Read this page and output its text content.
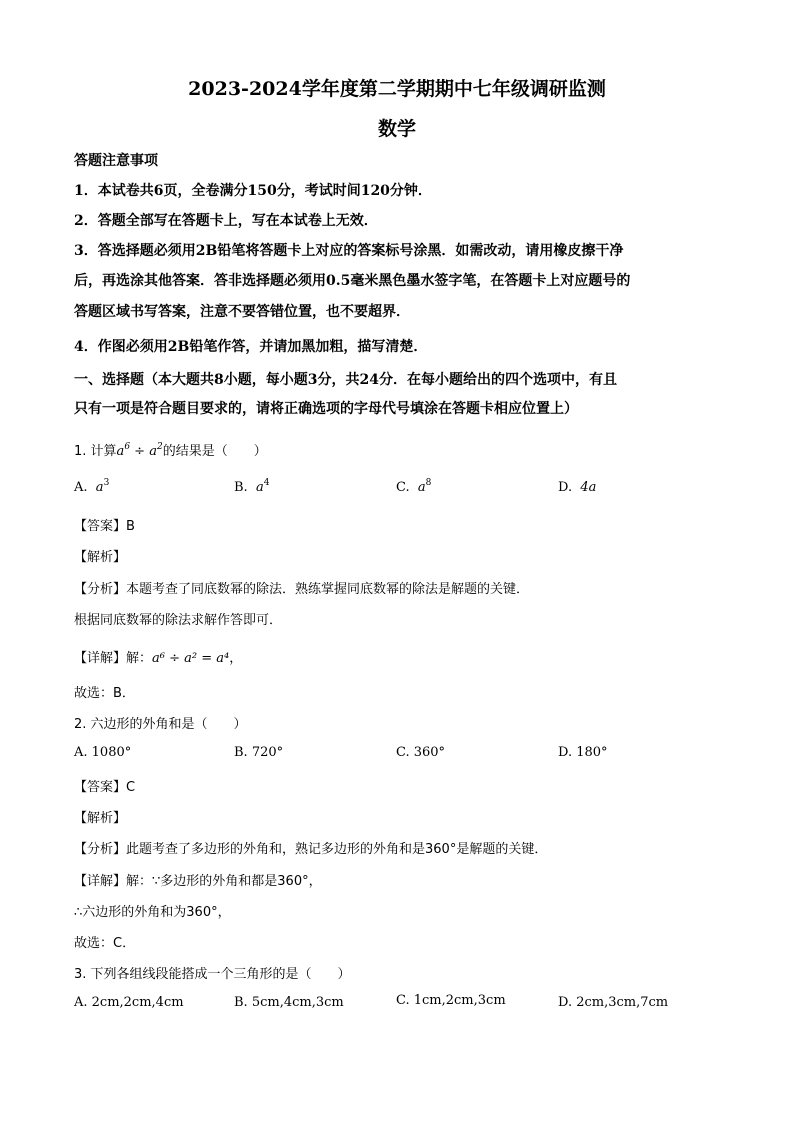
2023-2024学年度第二学期期中七年级调研监测
数学
答题注意事项
1．本试卷共6页，全卷满分150分，考试时间120分钟．
2．答题全部写在答题卡上，写在本试卷上无效．
3．答选择题必须用2B铅笔将答题卡上对应的答案标号涂黑．如需改动，请用橡皮擦干净
后，再选涂其他答案．答非选择题必须用0.5毫米黑色墨水签字笔，在答题卡上对应题号的
答题区域书写答案，注意不要答错位置，也不要超界．
4．作图必须用2B铅笔作答，并请加黑加粗，描写清楚．
一、选择题（本大题共8小题，每小题3分，共24分．在每小题给出的四个选项中，有且
只有一项是符合题目要求的，请将正确选项的字母代号填涂在答题卡相应位置上）
1. 计算$a^6 \div a^2$的结果是（　　）
A. $a^3$	B. $a^4$	C. $a^8$	D. 4a
【答案】B
【解析】
【分析】本题考查了同底数幂的除法．熟练掌握同底数幂的除法是解题的关键．
根据同底数幂的除法求解作答即可．
【详解】解：a⁶ ÷ a² = a⁴，
故选：B．
2. 六边形的外角和是（　　）
A. 1080°	B. 720°	C. 360°	D. 180°
【答案】C
【解析】
【分析】此题考查了多边形的外角和，熟记多边形的外角和是360°是解题的关键．
【详解】解：∵多边形的外角和都是360°，
∴六边形的外角和为360°，
故选：C．
3. 下列各组线段能搭成一个三角形的是（　　）
A. 2cm,2cm,4cm	B. 5cm,4cm,3cm	C. 1cm,2cm,3cm	D. 2cm,3cm,7cm
